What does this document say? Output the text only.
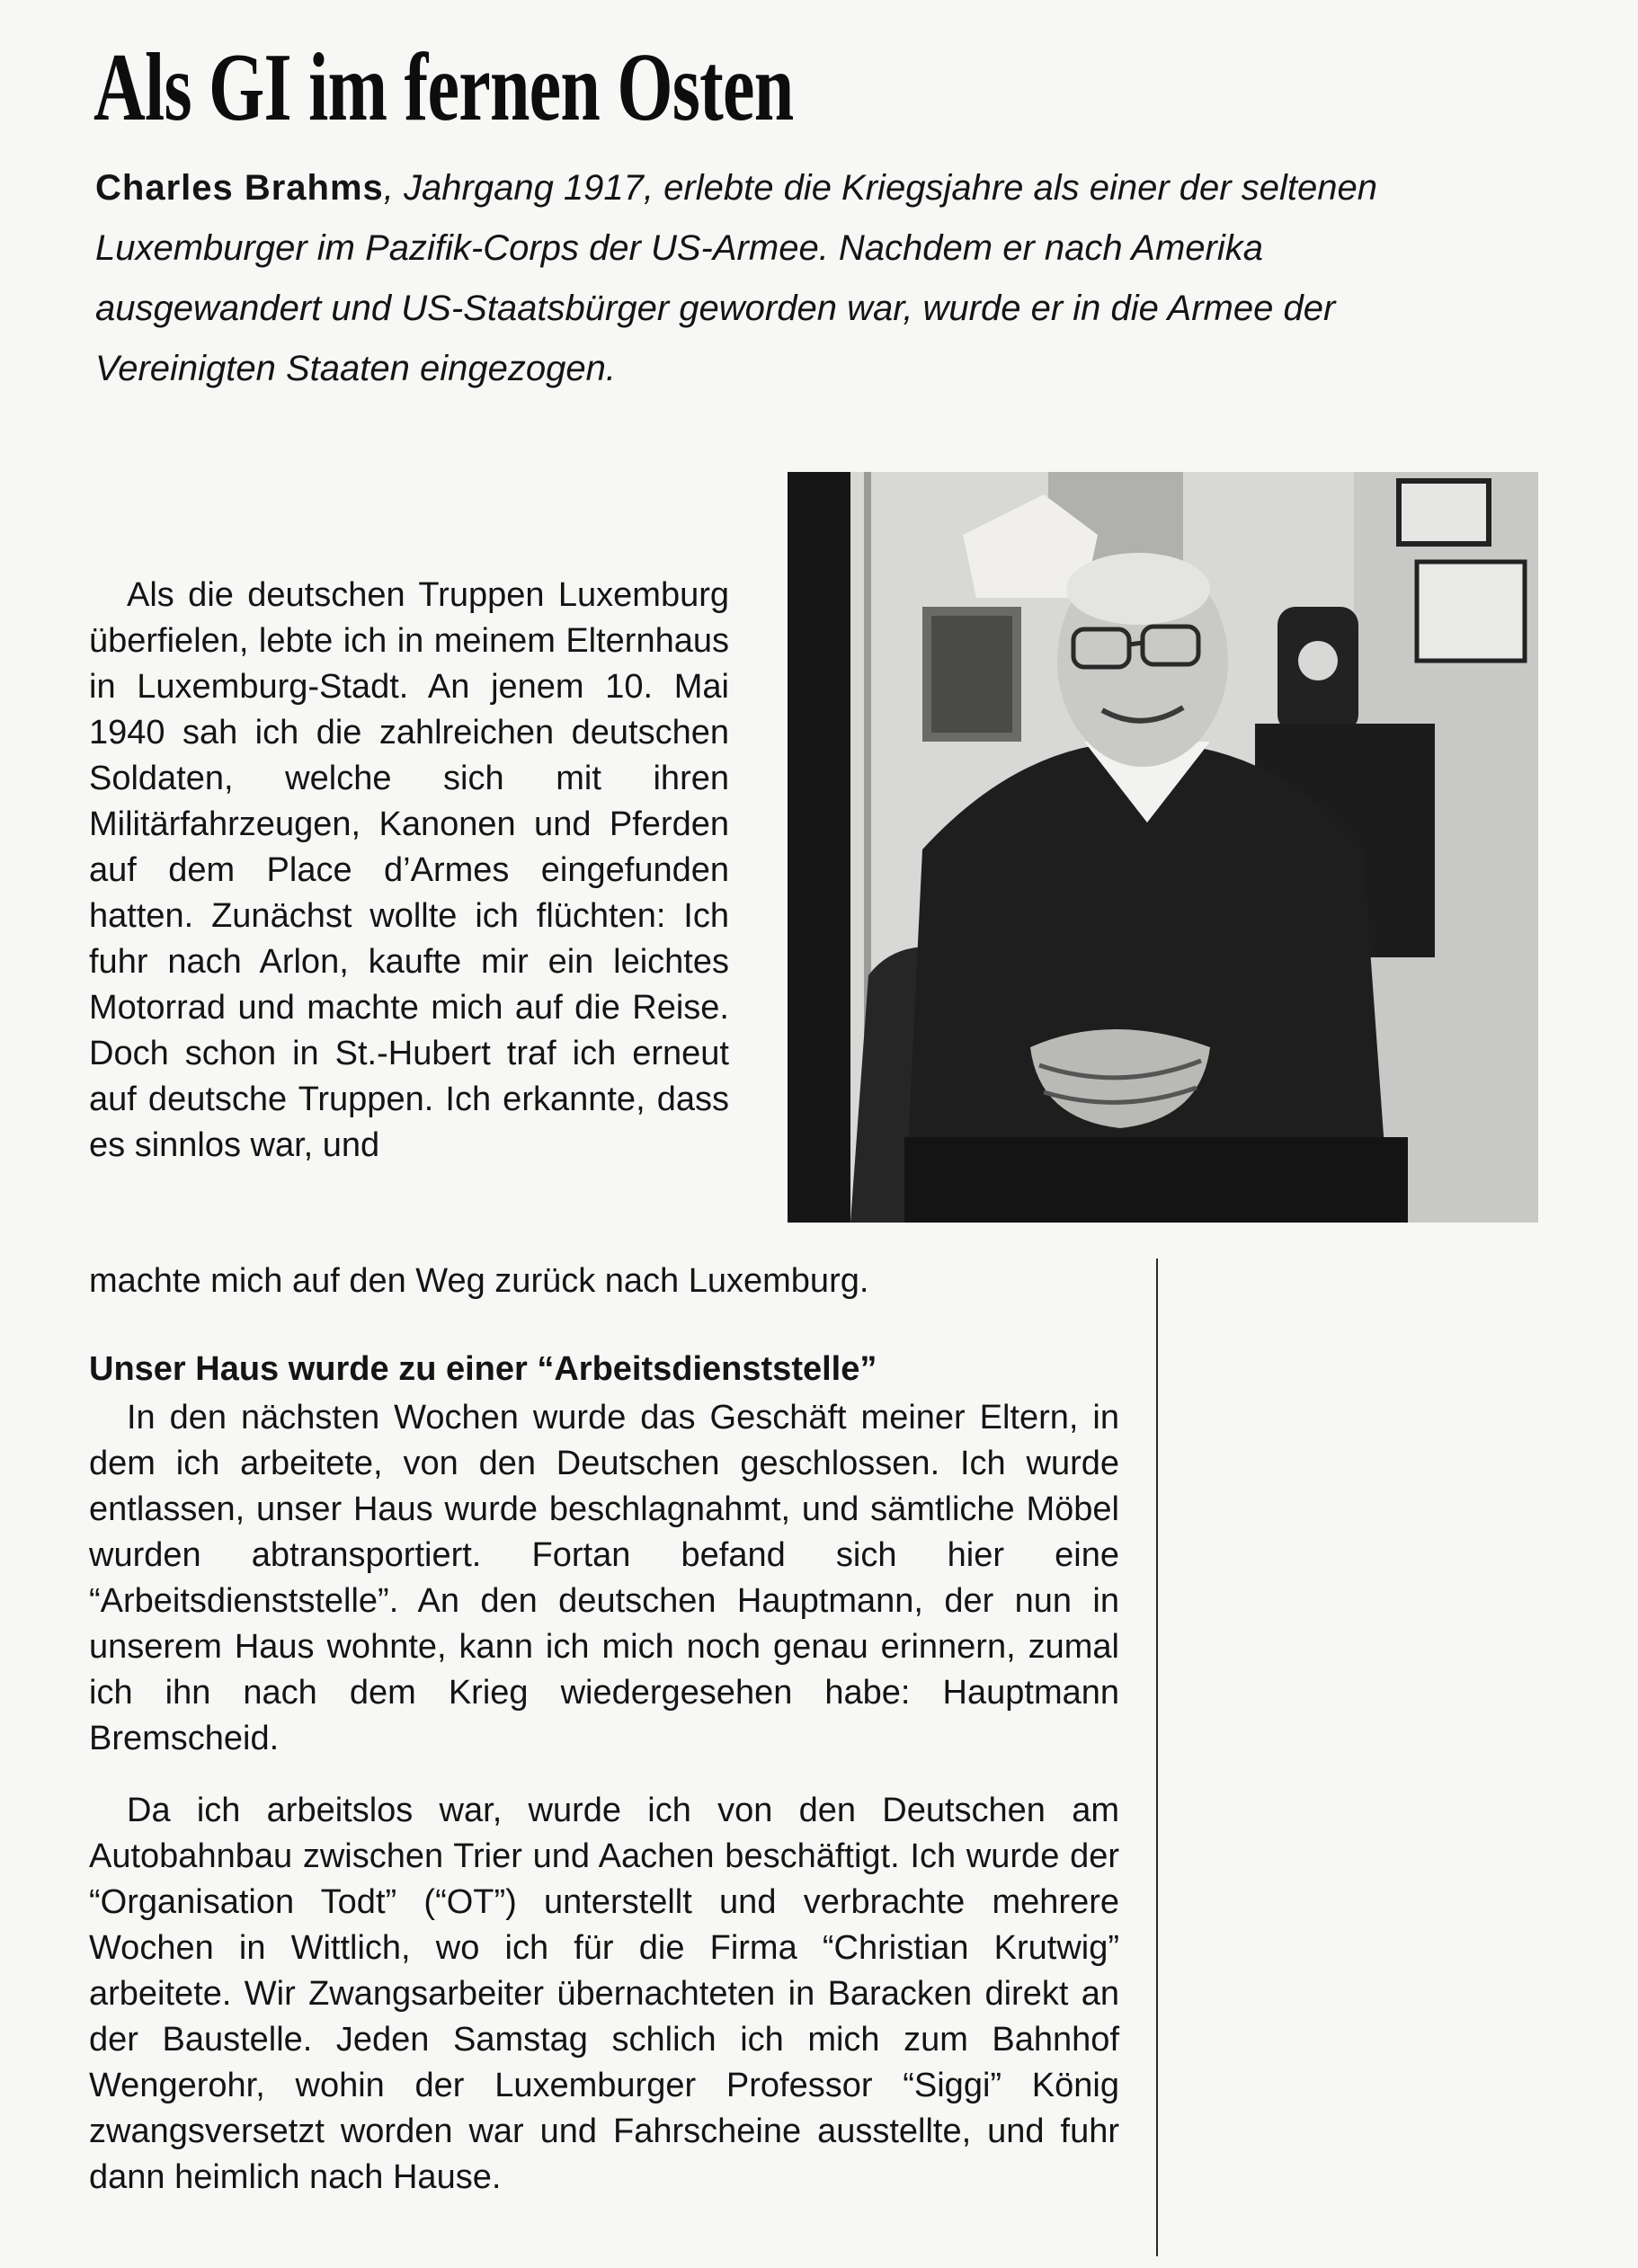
Als GI im fernen Osten

Charles Brahms, Jahrgang 1917, erlebte die Kriegsjahre als einer der seltenen Luxemburger im Pazifik-Corps der US-Armee. Nachdem er nach Amerika ausgewandert und US-Staatsbürger geworden war, wurde er in die Armee der Vereinigten Staaten eingezogen.

Als die deutschen Truppen Luxemburg überfielen, lebte ich in meinem Elternhaus in Luxemburg-Stadt. An jenem 10. Mai 1940 sah ich die zahlreichen deutschen Soldaten, welche sich mit ihren Militärfahrzeugen, Kanonen und Pferden auf dem Place d’Armes eingefunden hatten. Zunächst wollte ich flüchten: Ich fuhr nach Arlon, kaufte mir ein leichtes Motorrad und machte mich auf die Reise. Doch schon in St.-Hubert traf ich erneut auf deutsche Truppen. Ich erkannte, dass es sinnlos war, und

machte mich auf den Weg zurück nach Luxemburg.

Unser Haus wurde zu einer “Arbeitsdienststelle”

In den nächsten Wochen wurde das Geschäft meiner Eltern, in dem ich arbeitete, von den Deutschen geschlossen. Ich wurde entlassen, unser Haus wurde beschlagnahmt, und sämtliche Möbel wurden abtransportiert. Fortan befand sich hier eine “Arbeitsdienststelle”. An den deutschen Hauptmann, der nun in unserem Haus wohnte, kann ich mich noch genau erinnern, zumal ich ihn nach dem Krieg wiedergesehen habe: Hauptmann Bremscheid.

Da ich arbeitslos war, wurde ich von den Deutschen am Autobahnbau zwischen Trier und Aachen beschäftigt. Ich wurde der “Organisation Todt” (“OT”) unterstellt und verbrachte mehrere Wochen in Wittlich, wo ich für die Firma “Christian Krutwig” arbeitete. Wir Zwangsarbeiter übernachteten in Baracken direkt an der Baustelle. Jeden Samstag schlich ich mich zum Bahnhof Wengerohr, wohin der Luxemburger Professor “Siggi” König zwangsversetzt worden war und Fahrscheine ausstellte, und fuhr dann heimlich nach Hause.
